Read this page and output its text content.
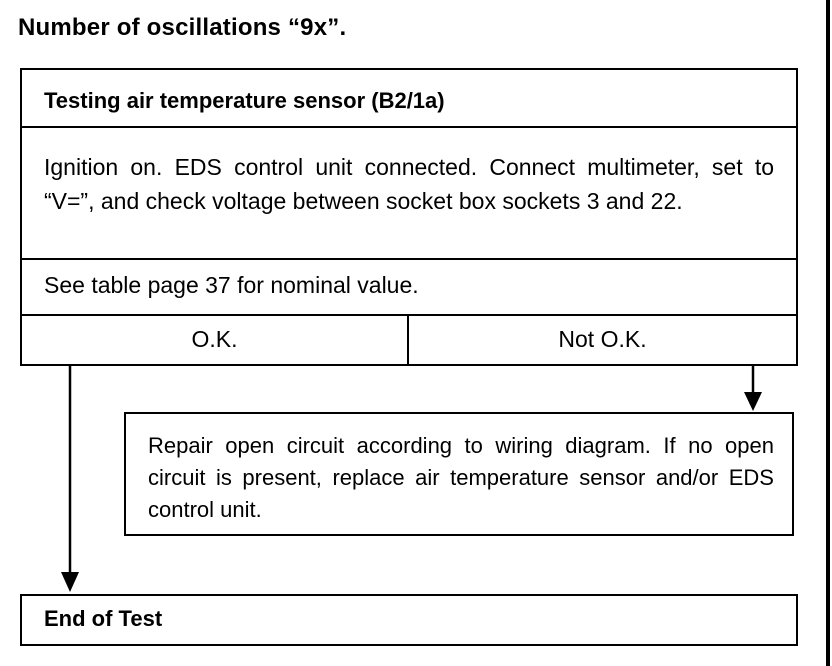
Number of oscillations “9x”.
Testing air temperature sensor (B2/1a)
Ignition on. EDS control unit connected. Connect multimeter, set to “V=”, and check voltage between socket box sockets 3 and 22.
See table page 37 for nominal value.
O.K.	Not O.K.
Repair open circuit according to wiring diagram. If no open circuit is present, replace air temperature sensor and/or EDS control unit.
End of Test
